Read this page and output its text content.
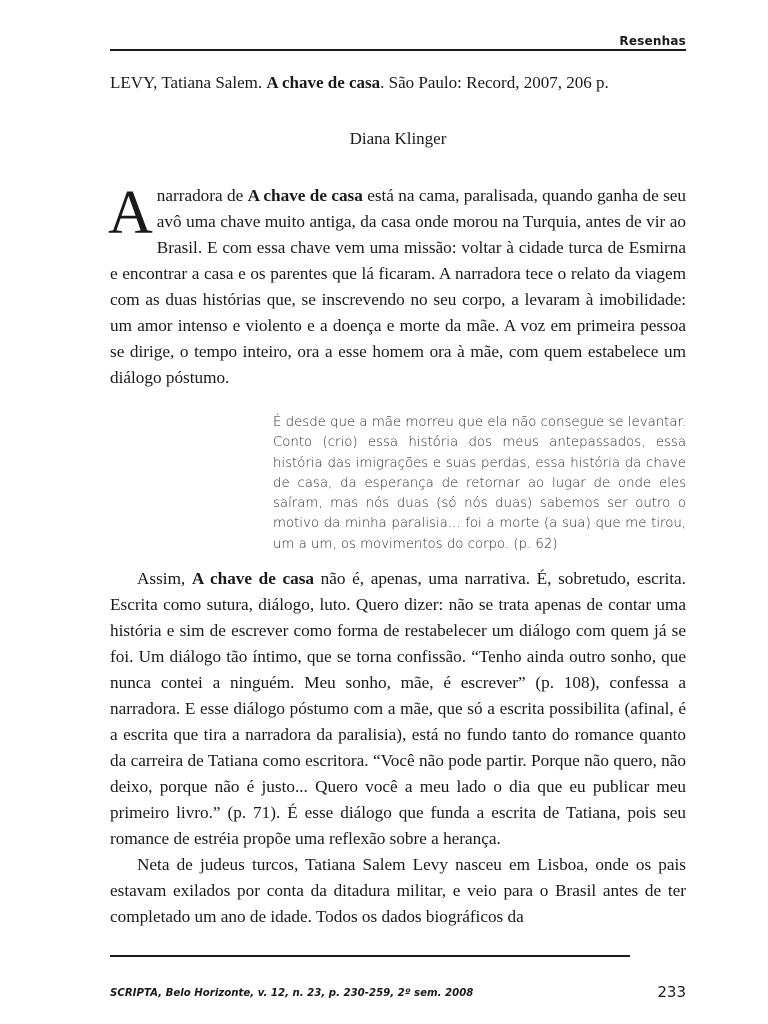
Resenhas
LEVY, Tatiana Salem. A chave de casa. São Paulo: Record, 2007, 206 p.
Diana Klinger

A narradora de A chave de casa está na cama, paralisada, quando ganha de seu avô uma chave muito antiga, da casa onde morou na Turquia, antes de vir ao Brasil. E com essa chave vem uma missão: voltar à cidade turca de Esmirna e encontrar a casa e os parentes que lá ficaram. A narradora tece o relato da viagem com as duas histórias que, se inscrevendo no seu corpo, a levaram à imobilidade: um amor intenso e violento e a doença e morte da mãe. A voz em primeira pessoa se dirige, o tempo inteiro, ora a esse homem ora à mãe, com quem estabelece um diálogo póstumo.

É desde que a mãe morreu que ela não consegue se levantar. Conto (crio) essa história dos meus antepassados, essa história das imigrações e suas perdas, essa história da chave de casa, da esperança de retornar ao lugar de onde eles saíram, mas nós duas (só nós duas) sabemos ser outro o motivo da minha paralisia... foi a morte (a sua) que me tirou, um a um, os movimentos do corpo. (p. 62)

Assim, A chave de casa não é, apenas, uma narrativa. É, sobretudo, escrita. Escrita como sutura, diálogo, luto. Quero dizer: não se trata apenas de contar uma história e sim de escrever como forma de restabelecer um diálogo com quem já se foi. Um diálogo tão íntimo, que se torna confissão. “Tenho ainda outro sonho, que nunca contei a ninguém. Meu sonho, mãe, é escrever” (p. 108), confessa a narradora. E esse diálogo póstumo com a mãe, que só a escrita possibilita (afinal, é a escrita que tira a narradora da paralisia), está no fundo tanto do romance quanto da carreira de Tatiana como escritora. “Você não pode partir. Porque não quero, não deixo, porque não é justo... Quero você a meu lado o dia que eu publicar meu primeiro livro.” (p. 71). É esse diálogo que funda a escrita de Tatiana, pois seu romance de estréia propõe uma reflexão sobre a herança.

Neta de judeus turcos, Tatiana Salem Levy nasceu em Lisboa, onde os pais estavam exilados por conta da ditadura militar, e veio para o Brasil antes de ter completado um ano de idade. Todos os dados biográficos da

SCRIPTA, Belo Horizonte, v. 12, n. 23, p. 230-259, 2º sem. 2008	233
